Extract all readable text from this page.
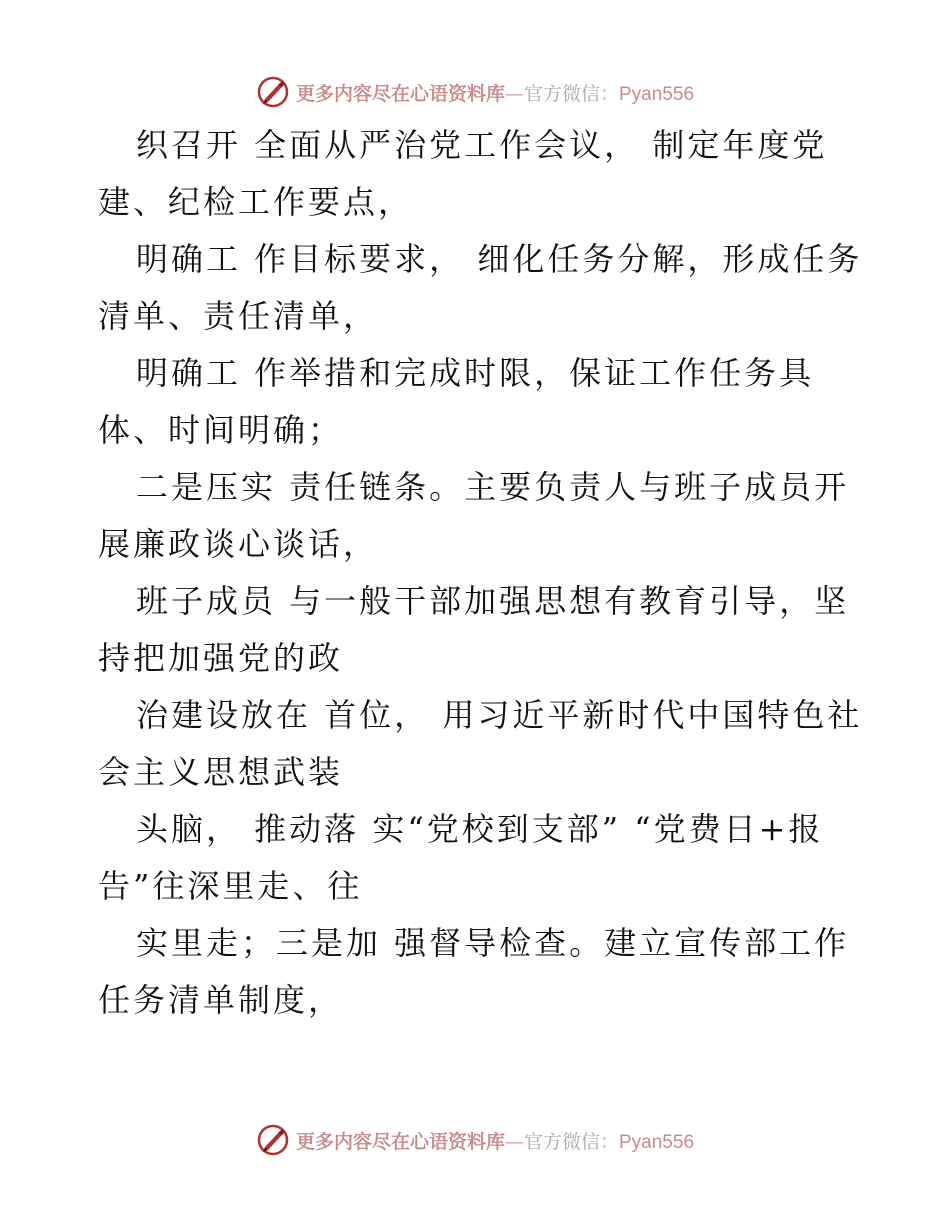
更多内容尽在心语资料库—官方微信：Pyan556
织召开 全面从严治党工作会议， 制定年度党
建、纪检工作要点，
明确工 作目标要求， 细化任务分解，形成任务
清单、责任清单，
明确工 作举措和完成时限，保证工作任务具
体、时间明确；
二是压实 责任链条。主要负责人与班子成员开
展廉政谈心谈话，
班子成员 与一般干部加强思想有教育引导，坚
持把加强党的政
治建设放在 首位， 用习近平新时代中国特色社
会主义思想武装
头脑， 推动落 实“党校到支部” “党费日+报
告”往深里走、往
实里走；三是加 强督导检查。建立宣传部工作
任务清单制度，
更多内容尽在心语资料库—官方微信：Pyan556
